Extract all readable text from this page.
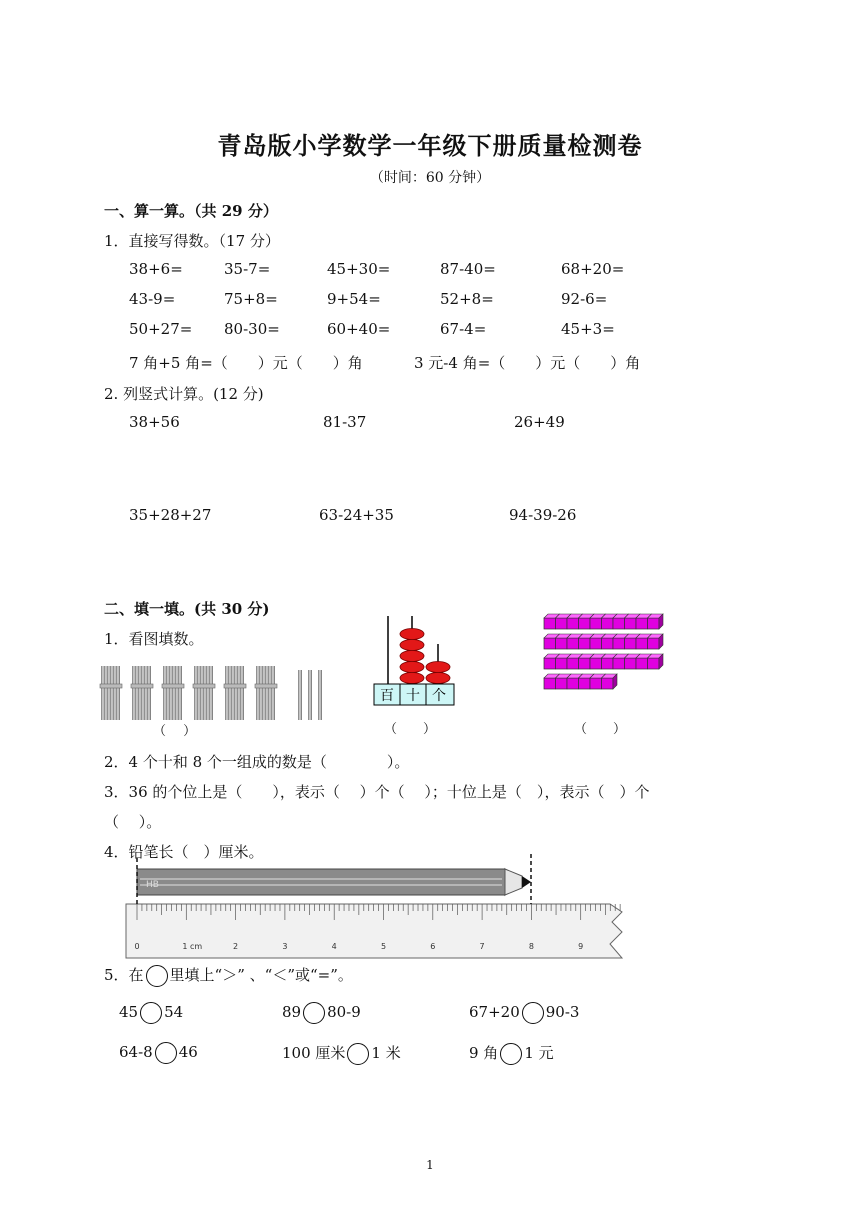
青岛版小学数学一年级下册质量检测卷
（时间：60 分钟）
一、算一算。（共 29 分）
1．直接写得数。（17 分）
38+6=	35-7=	45+30=	87-40=	68+20=
43-9=	75+8=	9+54=	52+8=	92-6=
50+27= 80-30=	60+40=	67-4=	45+3=
7 角+5 角=（　　）元（　　）角	3 元-4 角=（　　）元（　　）角
2. 列竖式计算。(12 分)
38+56	81-37	26+49
35+28+27	63-24+35	94-39-26
二、填一填。(共 30 分)
1．看图填数。
（　 ）
百 十 个
（　　）	（　　）
2．4 个十和 8 个一组成的数是（　　　　）。
3．36 的个位上是（　　），表示（　 ）个（　 ）；十位上是（　），表示（　）个
（　 ）。
4．铅笔长（　）厘米。
HB
0	1 cm	2	3	4	5	6	7	8	9
5．在 里填上“＞” 、“＜”或“=”。
45 54	89 80-9	67+20 90-3
64-8 46	100 厘米 1 米	9 角 1 元
1
